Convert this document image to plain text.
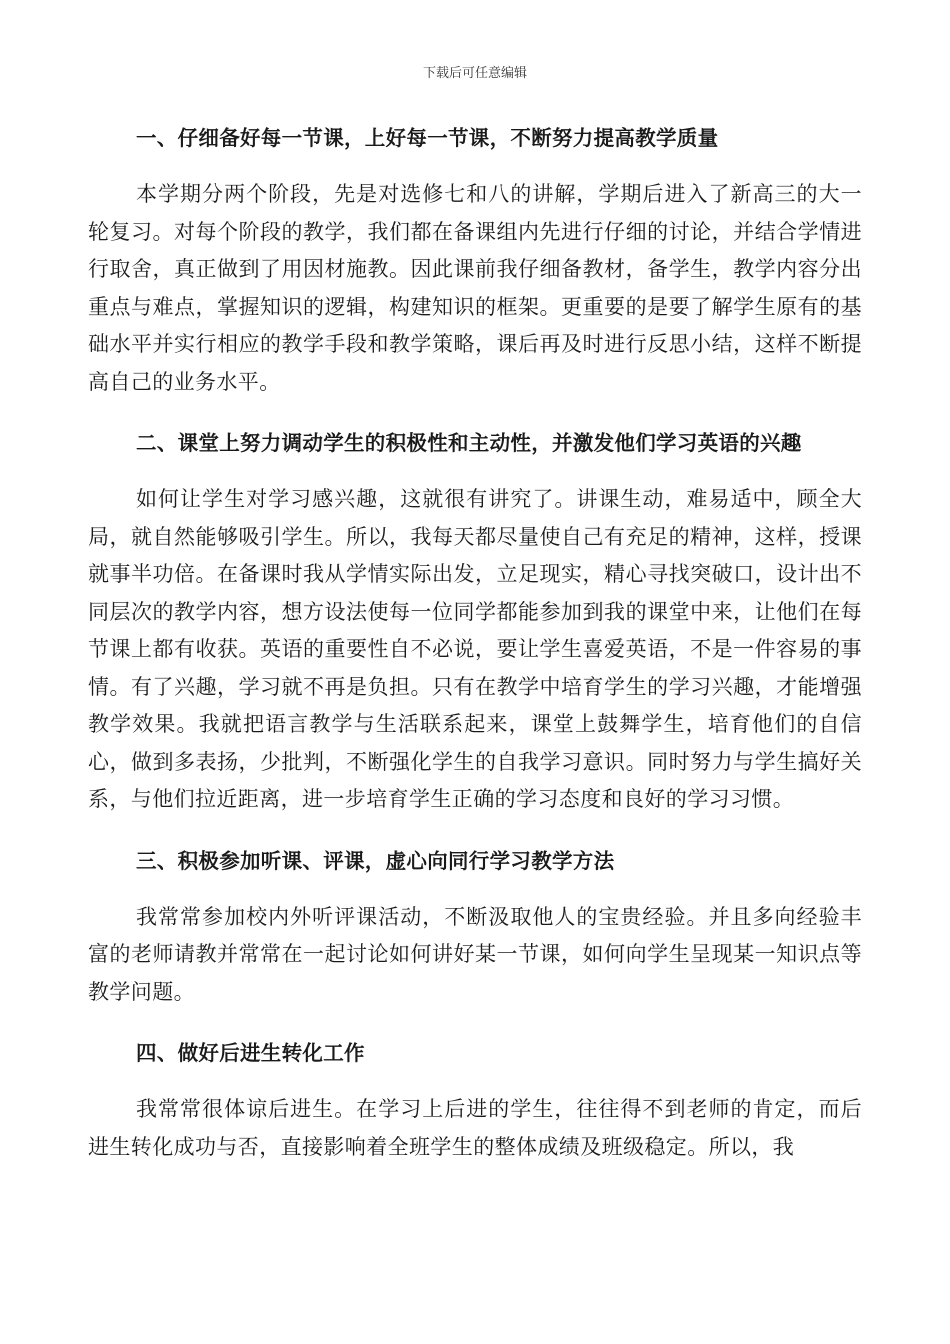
下载后可任意编辑
一、仔细备好每一节课，上好每一节课，不断努力提高教学质量

本学期分两个阶段，先是对选修七和八的讲解，学期后进入了新高三的大一轮复习。对每个阶段的教学，我们都在备课组内先进行仔细的讨论，并结合学情进行取舍，真正做到了用因材施教。因此课前我仔细备教材，备学生，教学内容分出重点与难点，掌握知识的逻辑，构建知识的框架。更重要的是要了解学生原有的基础水平并实行相应的教学手段和教学策略，课后再及时进行反思小结，这样不断提高自己的业务水平。

二、课堂上努力调动学生的积极性和主动性，并激发他们学习英语的兴趣

如何让学生对学习感兴趣，这就很有讲究了。讲课生动，难易适中，顾全大局，就自然能够吸引学生。所以，我每天都尽量使自己有充足的精神，这样，授课就事半功倍。在备课时我从学情实际出发，立足现实，精心寻找突破口，设计出不同层次的教学内容，想方设法使每一位同学都能参加到我的课堂中来，让他们在每节课上都有收获。英语的重要性自不必说，要让学生喜爱英语，不是一件容易的事情。有了兴趣，学习就不再是负担。只有在教学中培育学生的学习兴趣，才能增强教学效果。我就把语言教学与生活联系起来，课堂上鼓舞学生，培育他们的自信心，做到多表扬，少批判，不断强化学生的自我学习意识。同时努力与学生搞好关系，与他们拉近距离，进一步培育学生正确的学习态度和良好的学习习惯。

三、积极参加听课、评课，虚心向同行学习教学方法

我常常参加校内外听评课活动，不断汲取他人的宝贵经验。并且多向经验丰富的老师请教并常常在一起讨论如何讲好某一节课，如何向学生呈现某一知识点等教学问题。

四、做好后进生转化工作

我常常很体谅后进生。在学习上后进的学生，往往得不到老师的肯定，而后进生转化成功与否，直接影响着全班学生的整体成绩及班级稳定。所以，我
